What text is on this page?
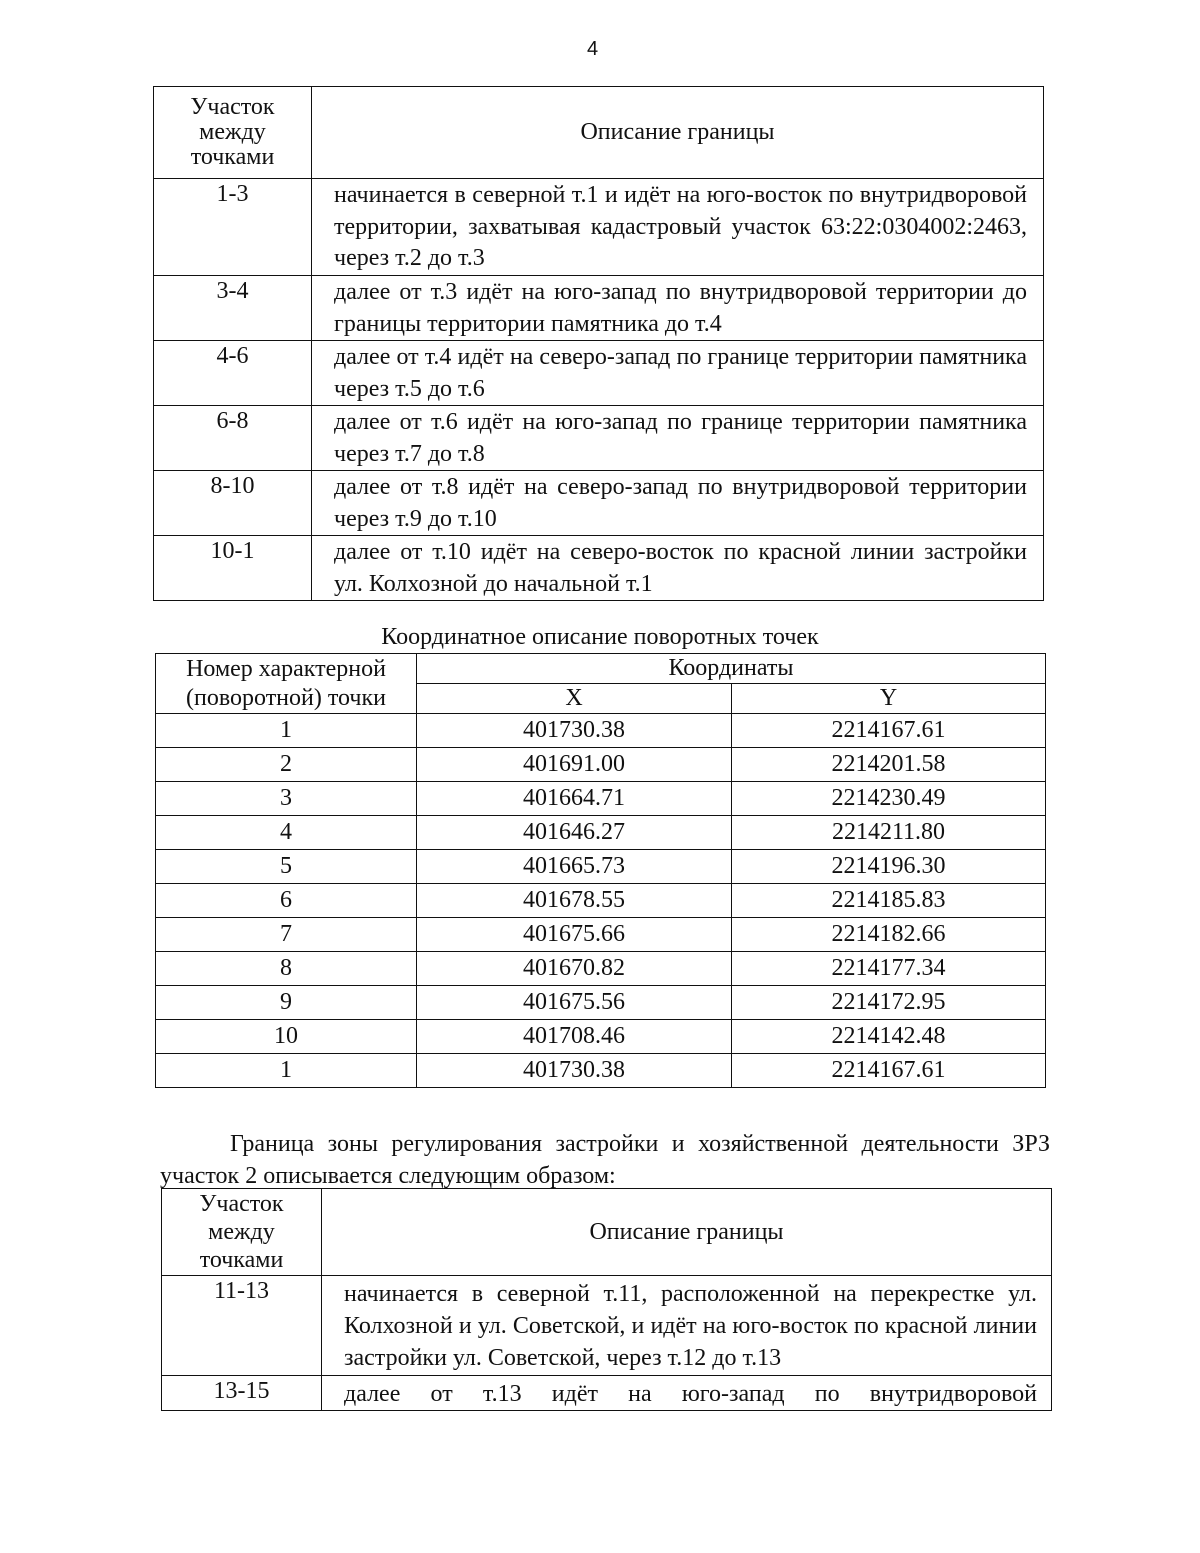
4
Участок
между
точками	Описание границы
1-3	начинается в северной т.1 и идёт на юго-восток по внутридворовой территории, захватывая кадастровый участок 63:22:0304002:2463, через т.2 до т.3
3-4	далее от т.3 идёт на юго-запад по внутридворовой территории до границы территории памятника до т.4
4-6	далее от т.4 идёт на северо-запад по границе территории памятника через т.5 до т.6
6-8	далее от т.6 идёт на юго-запад по границе территории памятника через т.7 до т.8
8-10	далее от т.8 идёт на северо-запад по внутридворовой территории через т.9 до т.10
10-1	далее от т.10 идёт на северо-восток по красной линии застройки ул. Колхозной до начальной т.1
Координатное описание поворотных точек
Номер характерной
(поворотной) точки	Координаты	
	X	Y
1	401730.38	2214167.61
2	401691.00	2214201.58
3	401664.71	2214230.49
4	401646.27	2214211.80
5	401665.73	2214196.30
6	401678.55	2214185.83
7	401675.66	2214182.66
8	401670.82	2214177.34
9	401675.56	2214172.95
10	401708.46	2214142.48
1	401730.38	2214167.61
Граница зоны регулирования застройки и хозяйственной деятельности ЗРЗ участок 2 описывается следующим образом:
Участок
между
точками	Описание границы
11-13	начинается в северной т.11, расположенной на перекрестке ул. Колхозной и ул. Советской, и идёт на юго-восток по красной линии застройки ул. Советской, через т.12 до т.13
13-15	далее от т.13 идёт на юго-запад по внутридворовой
